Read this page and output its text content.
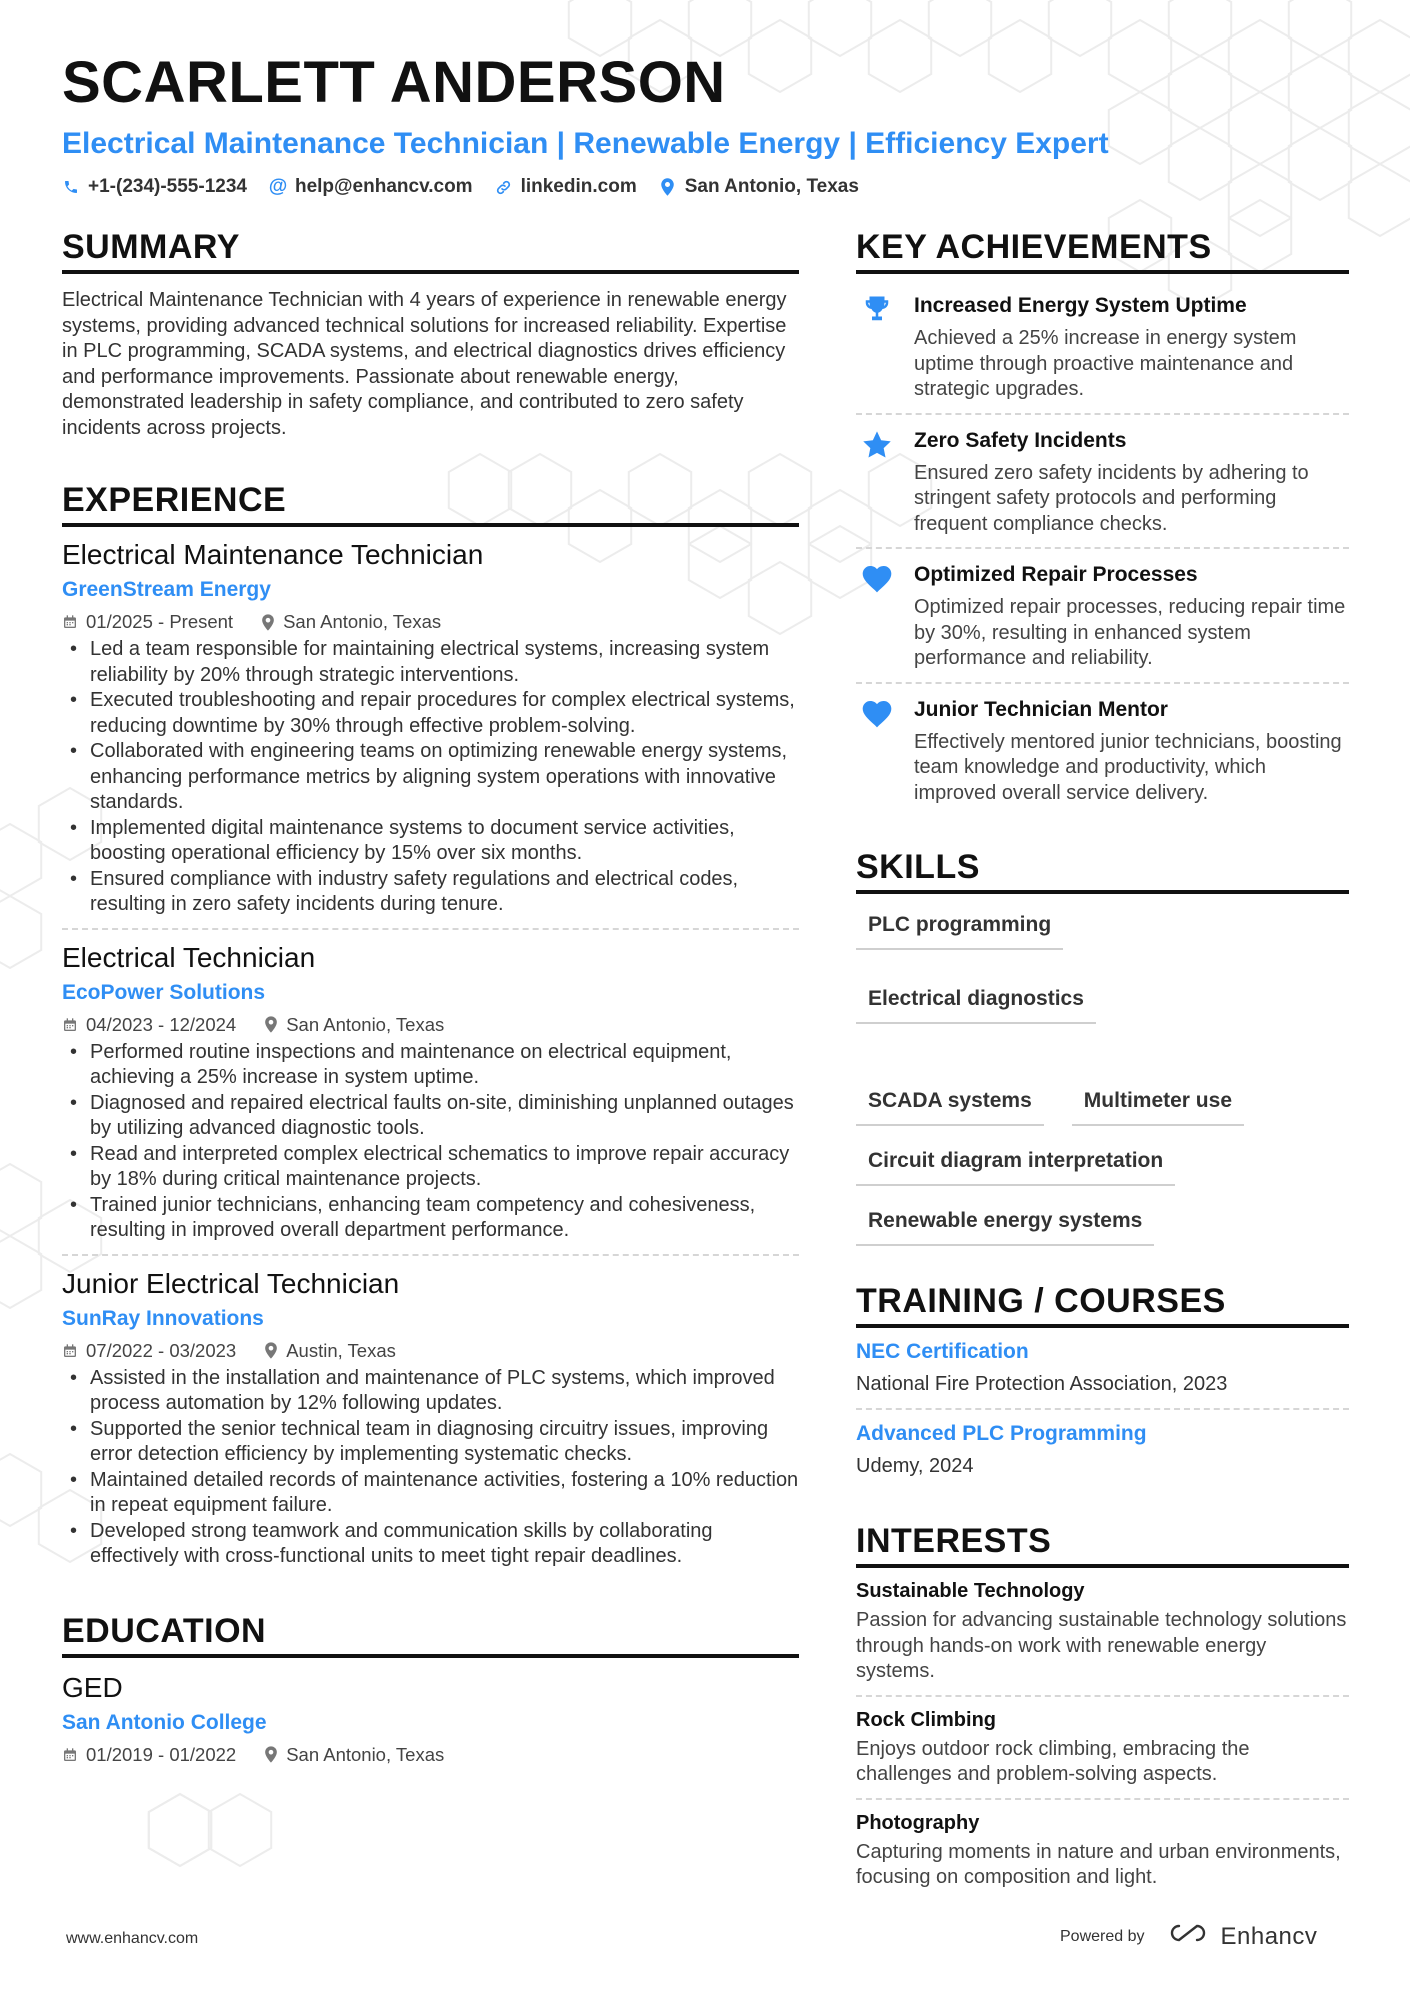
SCARLETT ANDERSON
Electrical Maintenance Technician | Renewable Energy | Efficiency Expert
+1-(234)-555-1234 @ help@enhancv.com	linkedin.com	San Antonio, Texas
SUMMARY
Electrical Maintenance Technician with 4 years of experience in renewable energy systems, providing advanced technical solutions for increased reliability. Expertise in PLC programming, SCADA systems, and electrical diagnostics drives efficiency and performance improvements. Passionate about renewable energy, demonstrated leadership in safety compliance, and contributed to zero safety incidents across projects.
EXPERIENCE
Electrical Maintenance Technician
GreenStream Energy
01/2025 - Present	San Antonio, Texas
• Led a team responsible for maintaining electrical systems, increasing system reliability by 20% through strategic interventions.
• Executed troubleshooting and repair procedures for complex electrical systems, reducing downtime by 30% through effective problem-solving.
• Collaborated with engineering teams on optimizing renewable energy systems, enhancing performance metrics by aligning system operations with innovative standards.
• Implemented digital maintenance systems to document service activities, boosting operational efficiency by 15% over six months.
• Ensured compliance with industry safety regulations and electrical codes, resulting in zero safety incidents during tenure.
Electrical Technician
EcoPower Solutions
04/2023 - 12/2024	San Antonio, Texas
• Performed routine inspections and maintenance on electrical equipment, achieving a 25% increase in system uptime.
• Diagnosed and repaired electrical faults on-site, diminishing unplanned outages by utilizing advanced diagnostic tools.
• Read and interpreted complex electrical schematics to improve repair accuracy by 18% during critical maintenance projects.
• Trained junior technicians, enhancing team competency and cohesiveness, resulting in improved overall department performance.
Junior Electrical Technician
SunRay Innovations
07/2022 - 03/2023	Austin, Texas
• Assisted in the installation and maintenance of PLC systems, which improved process automation by 12% following updates.
• Supported the senior technical team in diagnosing circuitry issues, improving error detection efficiency by implementing systematic checks.
• Maintained detailed records of maintenance activities, fostering a 10% reduction in repeat equipment failure.
• Developed strong teamwork and communication skills by collaborating effectively with cross-functional units to meet tight repair deadlines.
EDUCATION
GED
San Antonio College
01/2019 - 01/2022	San Antonio, Texas
KEY ACHIEVEMENTS
Increased Energy System Uptime
Achieved a 25% increase in energy system uptime through proactive maintenance and strategic upgrades.
Zero Safety Incidents
Ensured zero safety incidents by adhering to stringent safety protocols and performing frequent compliance checks.
Optimized Repair Processes
Optimized repair processes, reducing repair time by 30%, resulting in enhanced system performance and reliability.
Junior Technician Mentor
Effectively mentored junior technicians, boosting team knowledge and productivity, which improved overall service delivery.
SKILLS
PLC programming
Electrical diagnostics
SCADA systems	Multimeter use
Circuit diagram interpretation
Renewable energy systems
TRAINING / COURSES
NEC Certification
National Fire Protection Association, 2023
Advanced PLC Programming
Udemy, 2024
INTERESTS
Sustainable Technology
Passion for advancing sustainable technology solutions through hands-on work with renewable energy systems.
Rock Climbing
Enjoys outdoor rock climbing, embracing the challenges and problem-solving aspects.
Photography
Capturing moments in nature and urban environments, focusing on composition and light.
www.enhancv.com	Powered by	Enhancv
